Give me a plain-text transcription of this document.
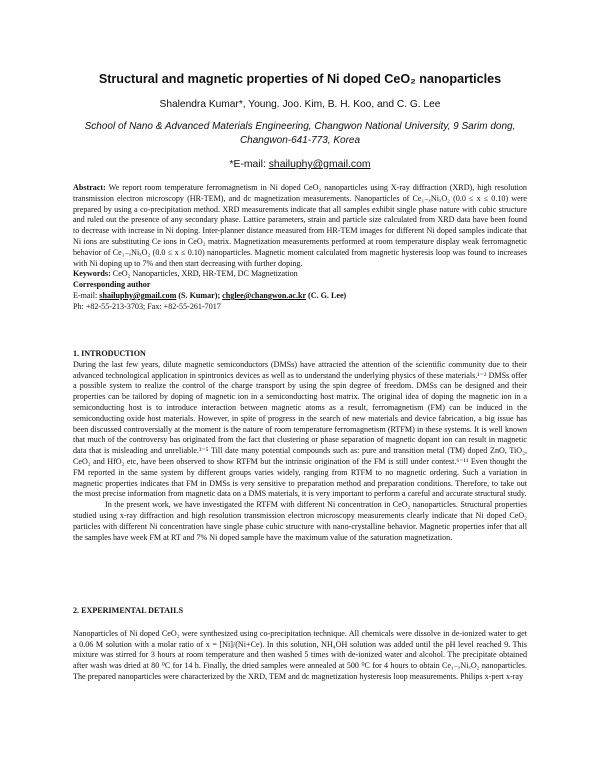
Structural and magnetic properties of Ni doped CeO₂ nanoparticles
Shalendra Kumar*, Young. Joo. Kim, B. H. Koo, and C. G. Lee
School of Nano & Advanced Materials Engineering, Changwon National University, 9 Sarim dong, Changwon-641-773, Korea
*E-mail: shailuphy@gmail.com

Abstract: We report room temperature ferromagnetism in Ni doped CeO₂ nanoparticles using X-ray diffraction (XRD), high resolution transmission electron microscopy (HR-TEM), and dc magnetization measurements. Nanoparticles of Ce₁₋ₓNiₓO₂ (0.0 ≤ x ≤ 0.10) were prepared by using a co-precipitation method. XRD measurements indicate that all samples exhibit single phase nature with cubic structure and ruled out the presence of any secondary phase. Lattice parameters, strain and particle size calculated from XRD data have been found to decrease with increase in Ni doping. Inter-planner distance measured from HR-TEM images for different Ni doped samples indicate that Ni ions are substituting Ce ions in CeO₂ matrix. Magnetization measurements performed at room temperature display weak ferromagnetic behavior of Ce₁₋ₓNiₓO₂ (0.0 ≤ x ≤ 0.10) nanoparticles. Magnetic moment calculated from magnetic hysteresis loop was found to increases with Ni doping up to 7% and then start decreasing with further doping.

Keywords: CeO₂ Nanoparticles, XRD, HR-TEM, DC Magnetization

Corresponding author

E-mail: shailuphy@gmail.com (S. Kumar); chglee@changwon.ac.kr (C. G. Lee)

Ph: +82-55-213-3703; Fax: +82-55-261-7017

1. INTRODUCTION

During the last few years, dilute magnetic semiconductors (DMSs) have attracted the attention of the scientific community due to their advanced technological application in spintronics devices as well as to understand the underlying physics of these materials.¹⁻² DMSs offer a possible system to realize the control of the charge transport by using the spin degree of freedom. DMSs can be designed and their properties can be tailored by doping of magnetic ion in a semiconducting host matrix. The original idea of doping the magnetic ion in a semiconducting host is to introduce interaction between magnetic atoms as a result, ferromagnetism (FM) can be induced in the semiconducting oxide host materials. However, in spite of progress in the search of new materials and device fabrication, a big issue has been discussed controversially at the moment is the nature of room temperature ferromagnetism (RTFM) in these systems. It is well known that much of the controversy has originated from the fact that clustering or phase separation of magnetic dopant ion can result in magnetic data that is misleading and unreliable.³⁻⁵ Till date many potential compounds such as: pure and transition metal (TM) doped ZnO, TiO₂, CeO₂ and HfO₂ etc, have been observed to show RTFM but the intrinsic origination of the FM is still under contest.⁶⁻¹¹ Even thought the FM reported in the same system by different groups varies widely, ranging from RTFM to no magnetic ordering. Such a variation in magnetic properties indicates that FM in DMSs is very sensitive to preparation method and preparation conditions. Therefore, to take out the most precise information from magnetic data on a DMS materials, it is very important to perform a careful and accurate structural study.

In the present work, we have investigated the RTFM with different Ni concentration in CeO₂ nanoparticles. Structural properties studied using x-ray diffraction and high resolution transmission electron microscopy measurements clearly indicate that Ni doped CeO₂ particles with different Ni concentration have single phase cubic structure with nano-crystalline behavior. Magnetic properties infer that all the samples have week FM at RT and 7% Ni doped sample have the maximum value of the saturation magnetization.

2. EXPERIMENTAL DETAILS

Nanoparticles of Ni doped CeO₂ were synthesized using co-precipitation technique. All chemicals were dissolve in de-ionized water to get a 0.06 M solution with a molar ratio of x = [Ni]/(Ni+Ce). In this solution, NH₄OH solution was added until the pH level reached 9. This mixture was stirred for 3 hours at room temperature and then washed 5 times with de-ionized water and alcohol. The precipitate obtained after wash was dried at 80 ⁰C for 14 h. Finally, the dried samples were annealed at 500 ⁰C for 4 hours to obtain Ce₁₋ₓNiₓO₂ nanoparticles. The prepared nanoparticles were characterized by the XRD, TEM and dc magnetization hysteresis loop measurements. Philips x-pert x-ray
